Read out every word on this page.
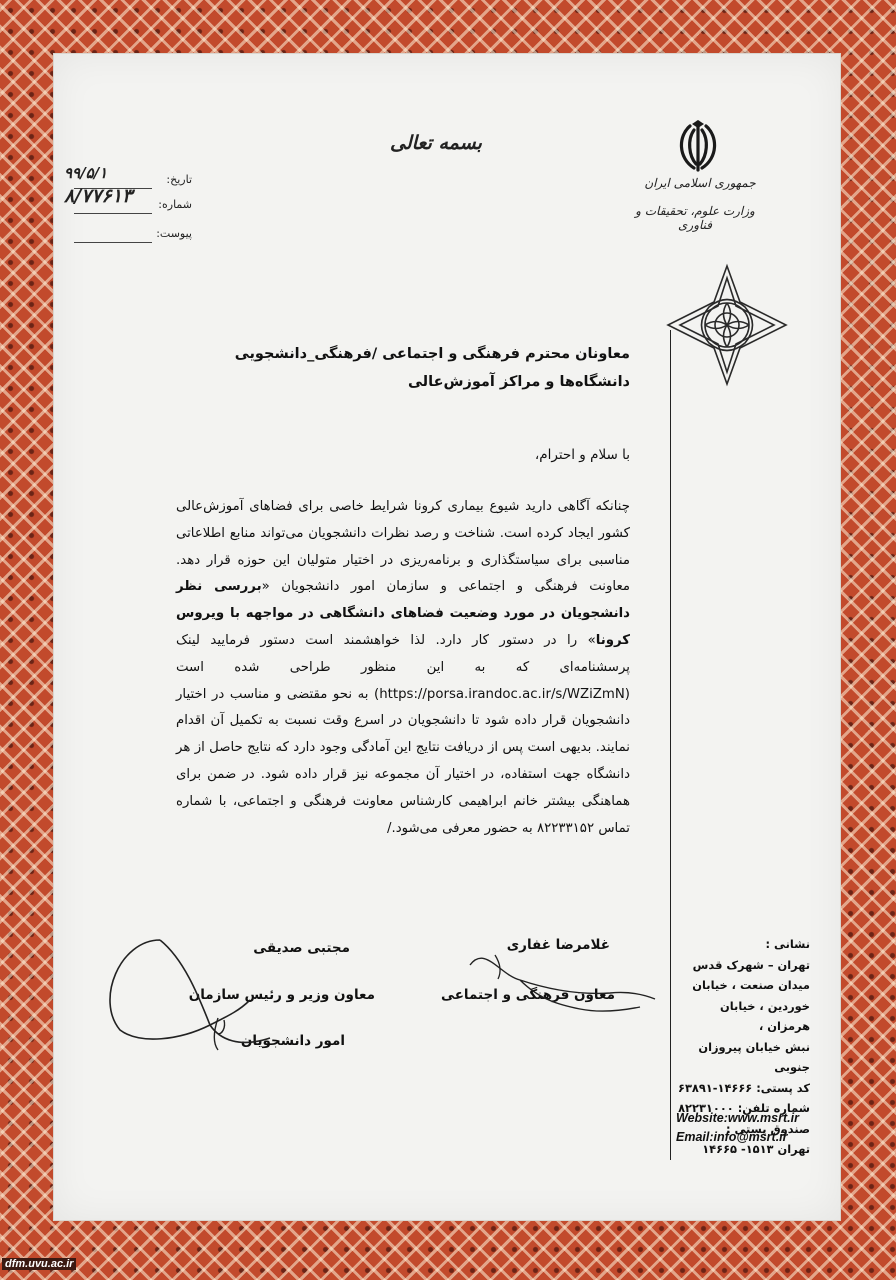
بسمه تعالی
جمهوری اسلامی ایران
وزارت علوم، تحقیقات و فناوری
تاریخ:
۹۹/۵/۱
شماره:
۸/۷۷۶۱۳
پیوست:
معاونان محترم فرهنگی و اجتماعی /فرهنگی_دانشجویی دانشگاه‌ها و مراکز آموزش‌عالی
با سلام و احترام،
چنانکه آگاهی دارید شیوع بیماری کرونا شرایط خاصی برای فضاهای آموزش‌عالی کشور ایجاد کرده است. شناخت و رصد نظرات دانشجویان می‌تواند منابع اطلاعاتی مناسبی برای سیاستگذاری و برنامه‌ریزی در اختیار متولیان این حوزه قرار دهد. معاونت فرهنگی و اجتماعی و سازمان امور دانشجویان «بررسی نظر دانشجویان در مورد وضعیت فضاهای دانشگاهی در مواجهه با ویروس کرونا» را در دستور کار دارد. لذا خواهشمند است دستور فرمایید لینک پرسشنامه‌ای که به این منظور طراحی شده است (https://porsa.irandoc.ac.ir/s/WZiZmN) به نحو مقتضی و مناسب در اختیار دانشجویان قرار داده شود تا دانشجویان در اسرع وقت نسبت به تکمیل آن اقدام نمایند. بدیهی است پس از دریافت نتایج این آمادگی وجود دارد که نتایج حاصل از هر دانشگاه جهت استفاده، در اختیار آن مجموعه نیز قرار داده شود. در ضمن برای هماهنگی بیشتر خانم ابراهیمی کارشناس معاونت فرهنگی و اجتماعی، با شماره تماس ۸۲۲۳۳۱۵۲ به حضور معرفی می‌شود./
غلامرضا غفاری
معاون فرهنگی و اجتماعی
مجتبی صدیقی
معاون وزیر و رئیس سازمان
امور دانشجویان
نشانی :
تهران – شهرک قدس
میدان صنعت ، خیابان
خوردین ، خیابان هرمزان ،
نبش خیابان پیروزان جنوبی
کد پستی: ۱۴۶۶۶-۶۳۸۹۱
شماره تلفن: ۸۲۲۳۱۰۰۰
صندوق پستی :
تهران ۱۵۱۳- ۱۴۶۶۵
Website:www.msrt.ir
Email:info@msrt.ir
dfm.uvu.ac.ir
